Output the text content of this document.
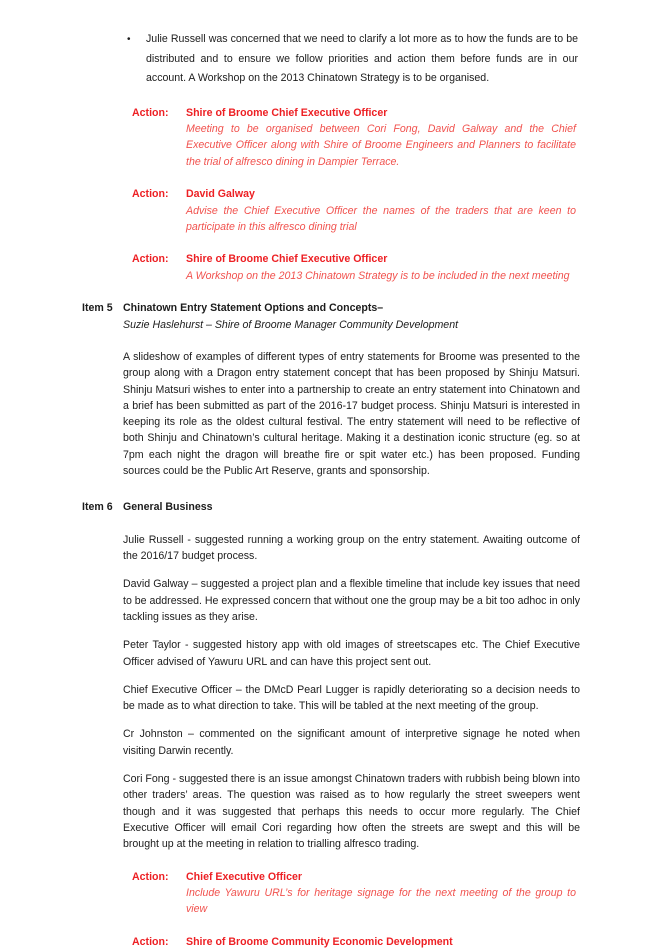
• Julie Russell was concerned that we need to clarify a lot more as to how the funds are to be distributed and to ensure we follow priorities and action them before funds are in our account. A Workshop on the 2013 Chinatown Strategy is to be organised.
Action:	Shire of Broome Chief Executive Officer
Meeting to be organised between Cori Fong, David Galway and the Chief Executive Officer along with Shire of Broome Engineers and Planners to facilitate the trial of alfresco dining in Dampier Terrace.
Action:	David Galway
Advise the Chief Executive Officer the names of the traders that are keen to participate in this alfresco dining trial
Action:	Shire of Broome Chief Executive Officer
A Workshop on the 2013 Chinatown Strategy is to be included in the next meeting
Item 5 Chinatown Entry Statement Options and Concepts–
Suzie Haslehurst – Shire of Broome Manager Community Development

A slideshow of examples of different types of entry statements for Broome was presented to the group along with a Dragon entry statement concept that has been proposed by Shinju Matsuri. Shinju Matsuri wishes to enter into a partnership to create an entry statement into Chinatown and a brief has been submitted as part of the 2016-17 budget process. Shinju Matsuri is interested in keeping its role as the oldest cultural festival. The entry statement will need to be reflective of both Shinju and Chinatown’s cultural heritage. Making it a destination iconic structure (eg. so at 7pm each night the dragon will breathe fire or spit water etc.) has been proposed. Funding sources could be the Public Art Reserve, grants and sponsorship.

Item 6 General Business

Julie Russell - suggested running a working group on the entry statement. Awaiting outcome of the 2016/17 budget process.

David Galway – suggested a project plan and a flexible timeline that include key issues that need to be addressed. He expressed concern that without one the group may be a bit too adhoc in only tackling issues as they arise.

Peter Taylor - suggested history app with old images of streetscapes etc. The Chief Executive Officer advised of Yawuru URL and can have this project sent out.

Chief Executive Officer – the DMcD Pearl Lugger is rapidly deteriorating so a decision needs to be made as to what direction to take. This will be tabled at the next meeting of the group.

Cr Johnston – commented on the significant amount of interpretive signage he noted when visiting Darwin recently.

Cori Fong - suggested there is an issue amongst Chinatown traders with rubbish being blown into other traders’ areas. The question was raised as to how regularly the street sweepers went though and it was suggested that perhaps this needs to occur more regularly. The Chief Executive Officer will email Cori regarding how often the streets are swept and this will be brought up at the meeting in relation to trialling alfresco trading.

Action:	Chief Executive Officer
Include Yawuru URL’s for heritage signage for the next meeting of the group to view
Action:	Shire of Broome Community Economic Development
